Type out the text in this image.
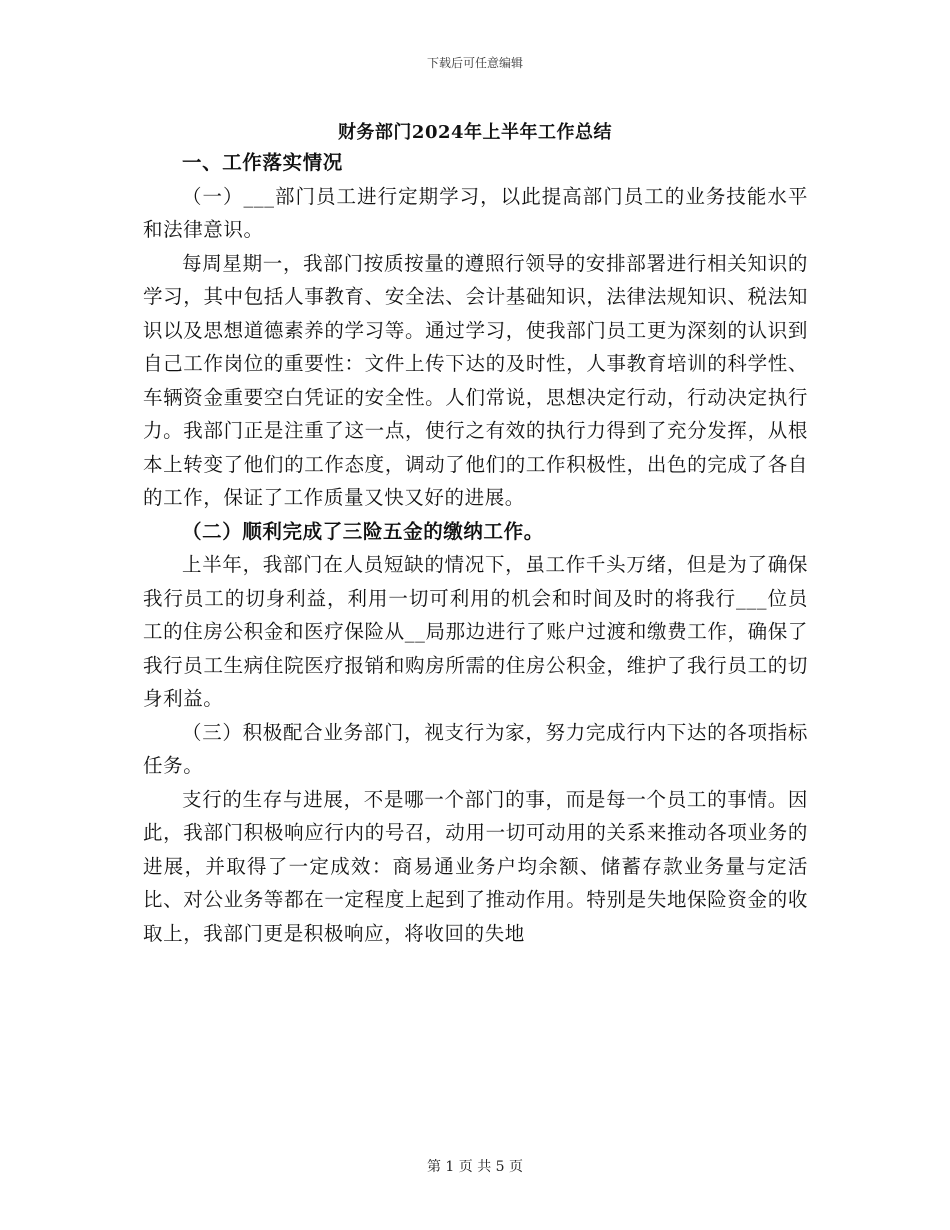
下载后可任意编辑
财务部门2024年上半年工作总结

一、工作落实情况

（一）___部门员工进行定期学习，以此提高部门员工的业务技能水平和法律意识。

每周星期一，我部门按质按量的遵照行领导的安排部署进行相关知识的学习，其中包括人事教育、安全法、会计基础知识，法律法规知识、税法知识以及思想道德素养的学习等。通过学习，使我部门员工更为深刻的认识到自己工作岗位的重要性：文件上传下达的及时性，人事教育培训的科学性、车辆资金重要空白凭证的安全性。人们常说，思想决定行动，行动决定执行力。我部门正是注重了这一点，使行之有效的执行力得到了充分发挥，从根本上转变了他们的工作态度，调动了他们的工作积极性，出色的完成了各自的工作，保证了工作质量又快又好的进展。

（二）顺利完成了三险五金的缴纳工作。

上半年，我部门在人员短缺的情况下，虽工作千头万绪，但是为了确保我行员工的切身利益，利用一切可利用的机会和时间及时的将我行___位员工的住房公积金和医疗保险从__局那边进行了账户过渡和缴费工作，确保了我行员工生病住院医疗报销和购房所需的住房公积金，维护了我行员工的切身利益。

（三）积极配合业务部门，视支行为家，努力完成行内下达的各项指标任务。

支行的生存与进展，不是哪一个部门的事，而是每一个员工的事情。因此，我部门积极响应行内的号召，动用一切可动用的关系来推动各项业务的进展，并取得了一定成效：商易通业务户均余额、储蓄存款业务量与定活比、对公业务等都在一定程度上起到了推动作用。特别是失地保险资金的收取上，我部门更是积极响应，将收回的失地

第 1 页 共 5 页
